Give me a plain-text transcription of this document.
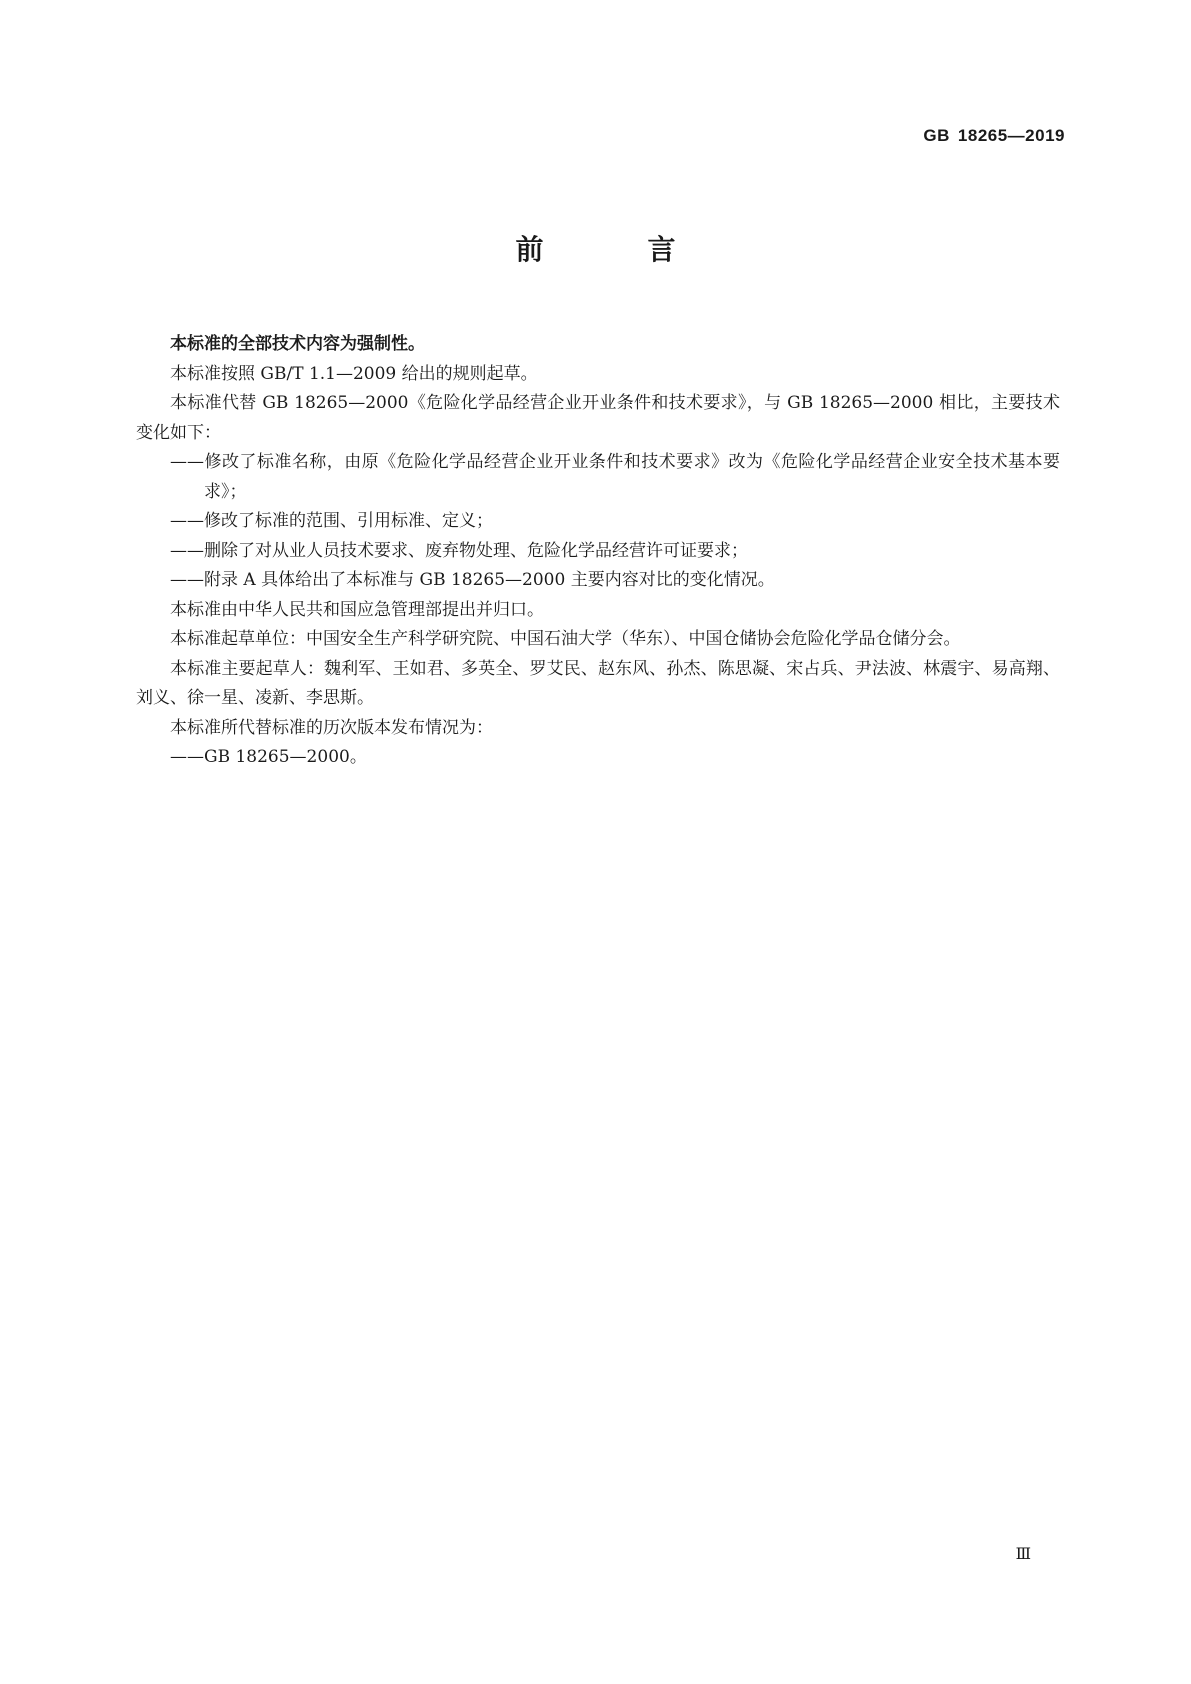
GB 18265—2019
前　言

本标准的全部技术内容为强制性。

本标准按照 GB/T 1.1—2009 给出的规则起草。

本标准代替 GB 18265—2000《危险化学品经营企业开业条件和技术要求》，与 GB 18265—2000 相比，主要技术变化如下：

——修改了标准名称，由原《危险化学品经营企业开业条件和技术要求》改为《危险化学品经营企业安全技术基本要求》；

——修改了标准的范围、引用标准、定义；

——删除了对从业人员技术要求、废弃物处理、危险化学品经营许可证要求；

——附录 A 具体给出了本标准与 GB 18265—2000 主要内容对比的变化情况。

本标准由中华人民共和国应急管理部提出并归口。

本标准起草单位：中国安全生产科学研究院、中国石油大学（华东）、中国仓储协会危险化学品仓储分会。

本标准主要起草人：魏利军、王如君、多英全、罗艾民、赵东风、孙杰、陈思凝、宋占兵、尹法波、林震宇、易高翔、刘义、徐一星、凌新、李思斯。

本标准所代替标准的历次版本发布情况为：

——GB 18265—2000。

Ⅲ
